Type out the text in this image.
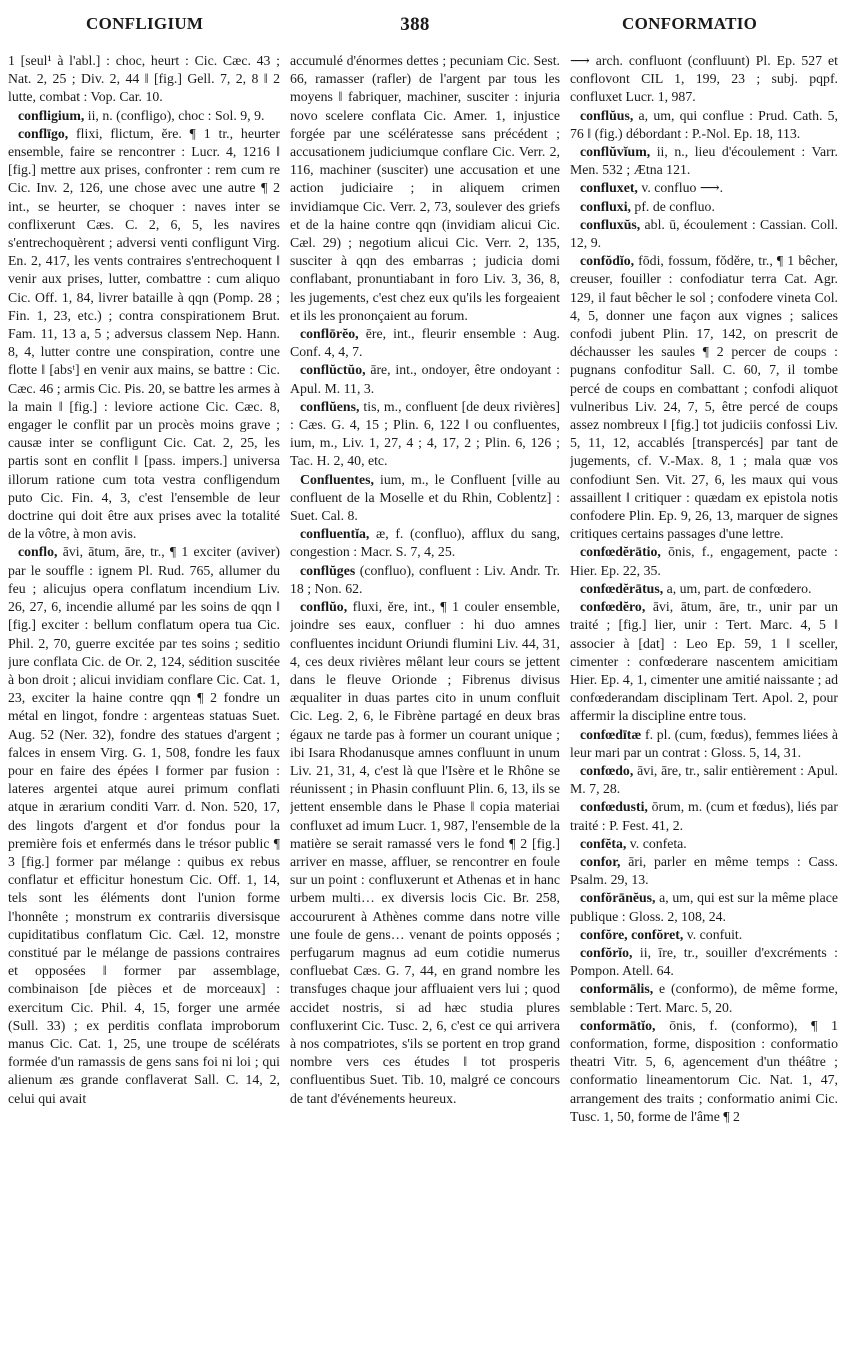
CONFLIGIUM	388	CONFORMATIO

1 [seul¹ à l'abl.] : choc, heurt : Cic. Cæc. 43 ; Nat. 2, 25 ; Div. 2, 44 ‖ [fig.] Gell. 7, 2, 8 ‖ 2 lutte, combat : Vop. Car. 10.

confligium, ii, n. (confligo), choc : Sol. 9, 9.

conflīgo, flixi, flictum, ĕre. ¶ 1 tr., heurter ensemble, faire se rencontrer : Lucr. 4, 1216 ‖ [fig.] mettre aux prises, confronter : rem cum re Cic. Inv. 2, 126, une chose avec une autre ¶ 2 int., se heurter, se choquer : naves inter se conflixerunt Cæs. C. 2, 6, 5, les navires s'entrechoquèrent ; adversi venti confligunt Virg. En. 2, 417, les vents contraires s'entrechoquent ‖ venir aux prises, lutter, combattre : cum aliquo Cic. Off. 1, 84, livrer bataille à qqn (Pomp. 28 ; Fin. 1, 23, etc.) ; contra conspirationem Brut. Fam. 11, 13 a, 5 ; adversus classem Nep. Hann. 8, 4, lutter contre une conspiration, contre une flotte ‖ [absᵗ] en venir aux mains, se battre : Cic. Cæc. 46 ; armis Cic. Pis. 20, se battre les armes à la main ‖ [fig.] : leviore actione Cic. Cæc. 8, engager le conflit par un procès moins grave ; causæ inter se confligunt Cic. Cat. 2, 25, les partis sont en conflit ‖ [pass. impers.] universa illorum ratione cum tota vestra confligendum puto Cic. Fin. 4, 3, c'est l'ensemble de leur doctrine qui doit être aux prises avec la totalité de la vôtre, à mon avis.

conflo, āvi, ātum, āre, tr., ¶ 1 exciter (aviver) par le souffle : ignem Pl. Rud. 765, allumer du feu ; alicujus opera conflatum incendium Liv. 26, 27, 6, incendie allumé par les soins de qqn ‖ [fig.] exciter : bellum conflatum opera tua Cic. Phil. 2, 70, guerre excitée par tes soins ; seditio jure conflata Cic. de Or. 2, 124, sédition suscitée à bon droit ; alicui invidiam conflare Cic. Cat. 1, 23, exciter la haine contre qqn ¶ 2 fondre un métal en lingot, fondre : argenteas statuas Suet. Aug. 52 (Ner. 32), fondre des statues d'argent ; falces in ensem Virg. G. 1, 508, fondre les faux pour en faire des épées ‖ former par fusion : lateres argentei atque aurei primum conflati atque in ærarium conditi Varr. d. Non. 520, 17, des lingots d'argent et d'or fondus pour la première fois et enfermés dans le trésor public ¶ 3 [fig.] former par mélange : quibus ex rebus conflatur et efficitur honestum Cic. Off. 1, 14, tels sont les éléments dont l'union forme l'honnête ; monstrum ex contrariis diversisque cupiditatibus conflatum Cic. Cæl. 12, monstre constitué par le mélange de passions contraires et opposées ‖ former par assemblage, combinaison [de pièces et de morceaux] : exercitum Cic. Phil. 4, 15, forger une armée (Sull. 33) ; ex perditis conflata improborum manus Cic. Cat. 1, 25, une troupe de scélérats formée d'un ramassis de gens sans foi ni loi ; qui alienum æs grande conflaverat Sall. C. 14, 2, celui qui avait

accumulé d'énormes dettes ; pecuniam Cic. Sest. 66, ramasser (rafler) de l'argent par tous les moyens ‖ fabriquer, machiner, susciter : injuria novo scelere conflata Cic. Amer. 1, injustice forgée par une scélératesse sans précédent ; accusationem judiciumque conflare Cic. Verr. 2, 116, machiner (susciter) une accusation et une action judiciaire ; in aliquem crimen invidiamque Cic. Verr. 2, 73, soulever des griefs et de la haine contre qqn (invidiam alicui Cic. Cæl. 29) ; negotium alicui Cic. Verr. 2, 135, susciter à qqn des embarras ; judicia domi conflabant, pronuntiabant in foro Liv. 3, 36, 8, les jugements, c'est chez eux qu'ils les forgeaient et ils les prononçaient au forum.

conflōrĕo, ēre, int., fleurir ensemble : Aug. Conf. 4, 4, 7.

conflŭctŭo, āre, int., ondoyer, être ondoyant : Apul. M. 11, 3.

conflŭens, tis, m., confluent [de deux rivières] : Cæs. G. 4, 15 ; Plin. 6, 122 ‖ ou confluentes, ium, m., Liv. 1, 27, 4 ; 4, 17, 2 ; Plin. 6, 126 ; Tac. H. 2, 40, etc.

Confluentes, ium, m., le Confluent [ville au confluent de la Moselle et du Rhin, Coblentz] : Suet. Cal. 8.

confluentĭa, æ, f. (confluo), afflux du sang, congestion : Macr. S. 7, 4, 25.

conflŭges (confluo), confluent : Liv. Andr. Tr. 18 ; Non. 62.

conflŭo, fluxi, ĕre, int., ¶ 1 couler ensemble, joindre ses eaux, confluer : hi duo amnes confluentes incidunt Oriundi flumini Liv. 44, 31, 4, ces deux rivières mêlant leur cours se jettent dans le fleuve Orionde ; Fibrenus divisus æqualiter in duas partes cito in unum confluit Cic. Leg. 2, 6, le Fibrène partagé en deux bras égaux ne tarde pas à former un courant unique ; ibi Isara Rhodanusque amnes confluunt in unum Liv. 21, 31, 4, c'est là que l'Isère et le Rhône se réunissent ; in Phasin confluunt Plin. 6, 13, ils se jettent ensemble dans le Phase ‖ copia materiai confluxet ad imum Lucr. 1, 987, l'ensemble de la matière se serait ramassé vers le fond ¶ 2 [fig.] arriver en masse, affluer, se rencontrer en foule sur un point : confluxerunt et Athenas et in hanc urbem multi… ex diversis locis Cic. Br. 258, accoururent à Athènes comme dans notre ville une foule de gens… venant de points opposés ; perfugarum magnus ad eum cotidie numerus confluebat Cæs. G. 7, 44, en grand nombre les transfuges chaque jour affluaient vers lui ; quod accidet nostris, si ad hæc studia plures confluxerint Cic. Tusc. 2, 6, c'est ce qui arrivera à nos compatriotes, s'ils se portent en trop grand nombre vers ces études ‖ tot prosperis confluentibus Suet. Tib. 10, malgré ce concours de tant d'événements heureux.

⟶ arch. confluont (confluunt) Pl. Ep. 527 et conflovont CIL 1, 199, 23 ; subj. pqpf. confluxet Lucr. 1, 987.

conflŭus, a, um, qui conflue : Prud. Cath. 5, 76 ‖ (fig.) débordant : P.-Nol. Ep. 18, 113.

conflŭvĭum, ii, n., lieu d'écoulement : Varr. Men. 532 ; Ætna 121.

confluxet, v. confluo ⟶.

confluxi, pf. de confluo.

confluxŭs, abl. ū, écoulement : Cassian. Coll. 12, 9.

confŏdĭo, fōdi, fossum, fŏdĕre, tr., ¶ 1 bêcher, creuser, fouiller : confodiatur terra Cat. Agr. 129, il faut bêcher le sol ; confodere vineta Col. 4, 5, donner une façon aux vignes ; salices confodi jubent Plin. 17, 142, on prescrit de déchausser les saules ¶ 2 percer de coups : pugnans confoditur Sall. C. 60, 7, il tombe percé de coups en combattant ; confodi aliquot vulneribus Liv. 24, 7, 5, être percé de coups assez nombreux ‖ [fig.] tot judiciis confossi Liv. 5, 11, 12, accablés [transpercés] par tant de jugements, cf. V.-Max. 8, 1 ; mala quæ vos confodiunt Sen. Vit. 27, 6, les maux qui vous assaillent ‖ critiquer : quædam ex epistola notis confodere Plin. Ep. 9, 26, 13, marquer de signes critiques certains passages d'une lettre.

confœdĕrātio, ōnis, f., engagement, pacte : Hier. Ep. 22, 35.

confœdĕrātus, a, um, part. de confœdero.

confœdĕro, āvi, ātum, āre, tr., unir par un traité ; [fig.] lier, unir : Tert. Marc. 4, 5 ‖ associer à [dat] : Leo Ep. 59, 1 ‖ sceller, cimenter : confœderare nascentem amicitiam Hier. Ep. 4, 1, cimenter une amitié naissante ; ad confœderandam disciplinam Tert. Apol. 2, pour affermir la discipline entre tous.

confœdītæ f. pl. (cum, fœdus), femmes liées à leur mari par un contrat : Gloss. 5, 14, 31.

confœdo, āvi, āre, tr., salir entièrement : Apul. M. 7, 28.

confœdusti, ōrum, m. (cum et fœdus), liés par traité : P. Fest. 41, 2.

confĕta, v. confeta.

confor, āri, parler en même temps : Cass. Psalm. 29, 13.

confŏrānĕus, a, um, qui est sur la même place publique : Gloss. 2, 108, 24.

confŏre, confŏret, v. confuit.

confŏrĭo, ii, īre, tr., souiller d'excréments : Pompon. Atell. 64.

conformālis, e (conformo), de même forme, semblable : Tert. Marc. 5, 20.

conformātĭo, ōnis, f. (conformo), ¶ 1 conformation, forme, disposition : conformatio theatri Vitr. 5, 6, agencement d'un théâtre ; conformatio lineamentorum Cic. Nat. 1, 47, arrangement des traits ; conformatio animi Cic. Tusc. 1, 50, forme de l'âme ¶ 2
